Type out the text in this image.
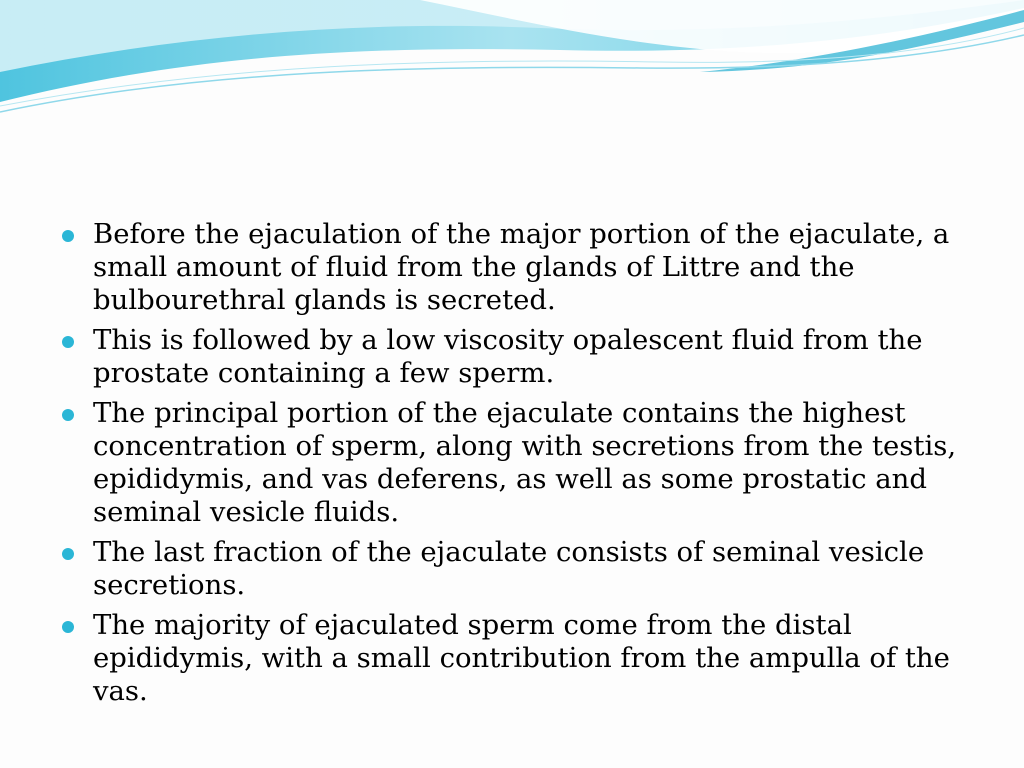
Before the ejaculation of the major portion of the ejaculate, a small amount of fluid from the glands of Littre and the bulbourethral glands is secreted.
This is followed by a low viscosity opalescent fluid from the prostate containing a few sperm.
The principal portion of the ejaculate contains the highest concentration of sperm, along with secretions from the testis, epididymis, and vas deferens, as well as some prostatic and seminal vesicle fluids.
The last fraction of the ejaculate consists of seminal vesicle secretions.
The majority of ejaculated sperm come from the distal epididymis, with a small contribution from the ampulla of the vas.
